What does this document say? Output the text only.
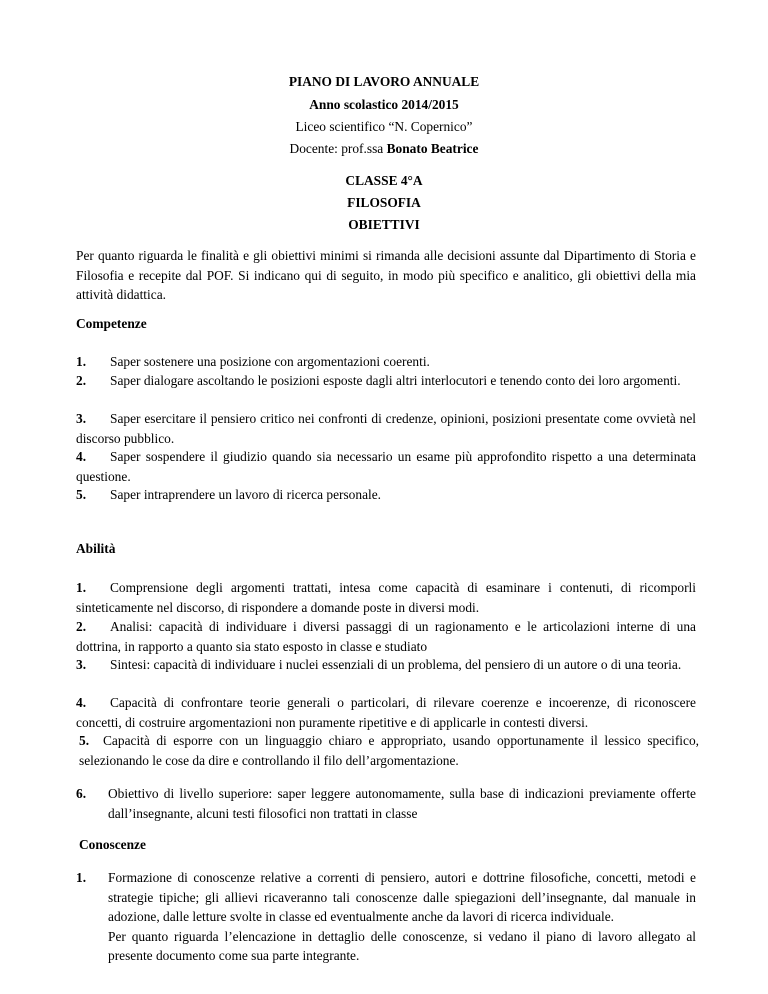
PIANO DI LAVORO ANNUALE
Anno scolastico 2014/2015
Liceo scientifico “N. Copernico”
Docente: prof.ssa Bonato Beatrice
CLASSE 4°A
FILOSOFIA
OBIETTIVI
Per quanto riguarda le finalità e gli obiettivi minimi si rimanda alle decisioni assunte dal Dipartimento di Storia e Filosofia e recepite dal POF. Si indicano qui di seguito, in modo più specifico e analitico, gli obiettivi della mia attività didattica.
Competenze
1. Saper sostenere una posizione con argomentazioni coerenti.
2. Saper dialogare ascoltando le posizioni esposte dagli altri interlocutori e tenendo conto dei loro argomenti.
3. Saper esercitare il pensiero critico nei confronti di credenze, opinioni, posizioni presentate come ovvietà nel discorso pubblico.
4. Saper sospendere il giudizio quando sia necessario un esame più approfondito rispetto a una determinata questione.
5. Saper intraprendere un lavoro di ricerca personale.
Abilità
1. Comprensione degli argomenti trattati, intesa come capacità di esaminare i contenuti, di ricomporli sinteticamente nel discorso, di rispondere a domande poste in diversi modi.
2. Analisi: capacità di individuare i diversi passaggi di un ragionamento e le articolazioni interne di una dottrina, in rapporto a quanto sia stato esposto in classe e studiato
3. Sintesi: capacità di individuare i nuclei essenziali di un problema, del pensiero di un autore o di una teoria.
4. Capacità di confrontare teorie generali o particolari, di rilevare coerenze e incoerenze, di riconoscere concetti, di costruire argomentazioni non puramente ripetitive e di applicarle in contesti diversi.
5. Capacità di esporre con un linguaggio chiaro e appropriato, usando opportunamente il lessico specifico, selezionando le cose da dire e controllando il filo dell’argomentazione.
6. Obiettivo di livello superiore: saper leggere autonomamente, sulla base di indicazioni previamente offerte dall’insegnante, alcuni testi filosofici non trattati in classe
Conoscenze
1. Formazione di conoscenze relative a correnti di pensiero, autori e dottrine filosofiche, concetti, metodi e strategie tipiche; gli allievi ricaveranno tali conoscenze dalle spiegazioni dell’insegnante, dal manuale in adozione, dalle letture svolte in classe ed eventualmente anche da lavori di ricerca individuale.
Per quanto riguarda l’elencazione in dettaglio delle conoscenze, si vedano il piano di lavoro allegato al presente documento come sua parte integrante.
